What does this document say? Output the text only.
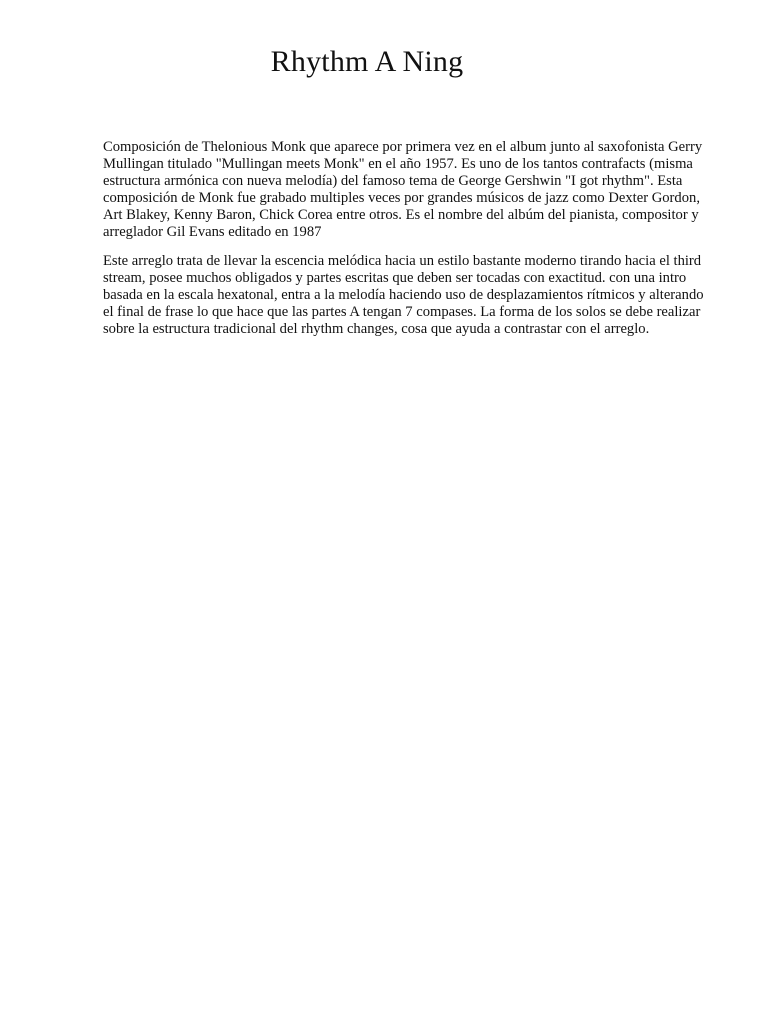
Rhythm A Ning

Composición de Thelonious Monk que aparece por primera vez en el album junto al saxofonista Gerry Mullingan titulado "Mullingan meets Monk" en el año 1957. Es uno de los tantos contrafacts (misma estructura armónica con nueva melodía) del famoso tema de George Gershwin "I got rhythm". Esta composición de Monk fue grabado multiples veces por grandes músicos de jazz como Dexter Gordon, Art Blakey, Kenny Baron, Chick Corea entre otros. Es el nombre del albúm del pianista, compositor y arreglador Gil Evans editado en 1987

Este arreglo trata de llevar la escencia melódica hacia un estilo bastante moderno tirando hacia el third stream, posee muchos obligados y partes escritas que deben ser tocadas con exactitud. con una intro basada en la escala hexatonal, entra a la melodía haciendo uso de desplazamientos rítmicos y alterando el final de frase lo que hace que las partes A tengan 7 compases. La forma de los solos se debe realizar sobre la estructura tradicional del rhythm changes, cosa que ayuda a contrastar con el arreglo.
